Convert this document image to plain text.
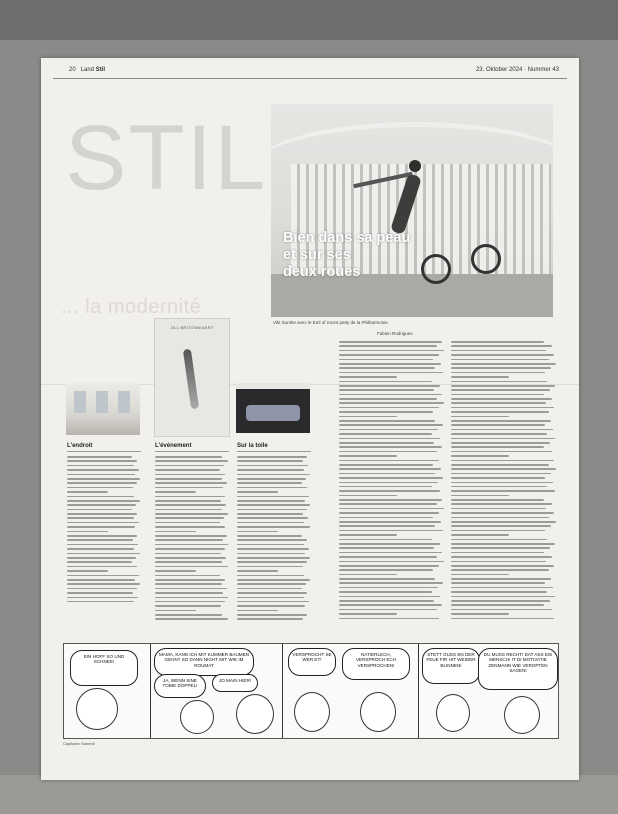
20 Land Stil	23. Oktober 2024 · Nummer 43
STIL
... la modernité
Bien dans sa peau
et sur ses
deux roues
Vikt Sunthe avec le Eml of rmont petty de la Philharmonie
Fabien Rodrigues
JILL BRITONNIAERT
L'endroit	L'événement	Sur la toile
EIN HOFF SO UND SCHNEE!
MAMA, KANN ICH MIT KUMMER BAUMEN GEHN? SO DANN NIGHT MIT WIE IM ROUMAT
JA, WENN SINE TOBIE DOPPEL!
JO MAIN HIER!
VERSPROCHT SE WER ET!
NATIERLECH, VERSPROCH ECH VERSPROCHEN!
STETT OUSS EN DER FEUE FIR HIT WEIDER BLINNEN!
DU MUSS RECHT! DAT ASS EIS MENSCH! IT DI MOTIVATIE ZENMANN WIE VEROPTEN SAGEN!
Capitaine Samedi
